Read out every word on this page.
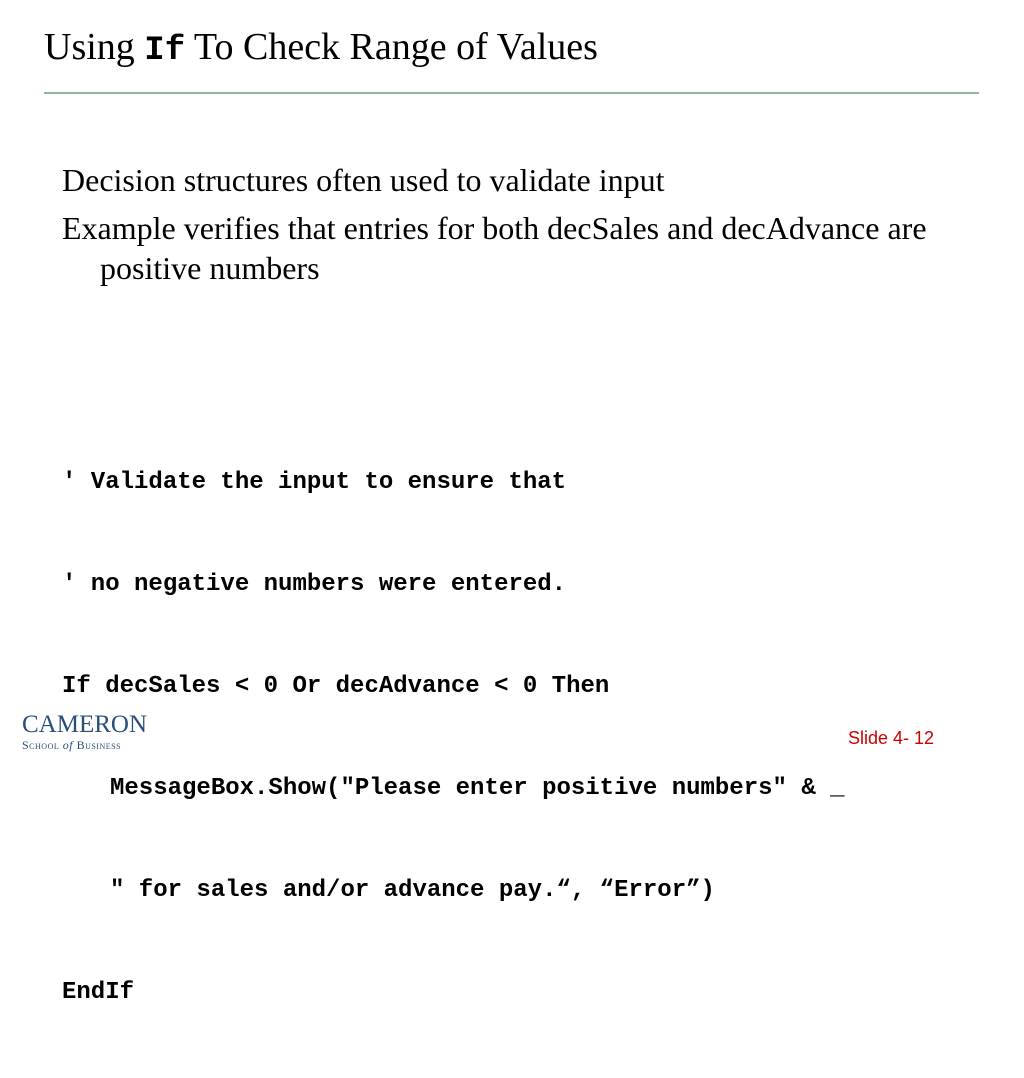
Using If To Check Range of Values
Decision structures often used to validate input
Example verifies that entries for both decSales and decAdvance are positive numbers

' Validate the input to ensure that

' no negative numbers were entered.

If decSales < 0 Or decAdvance < 0 Then

MessageBox.Show("Please enter positive numbers" & _

" for sales and/or advance pay.“, “Error”)

EndIf

CAMERON
School of Business	Slide 4- 12
